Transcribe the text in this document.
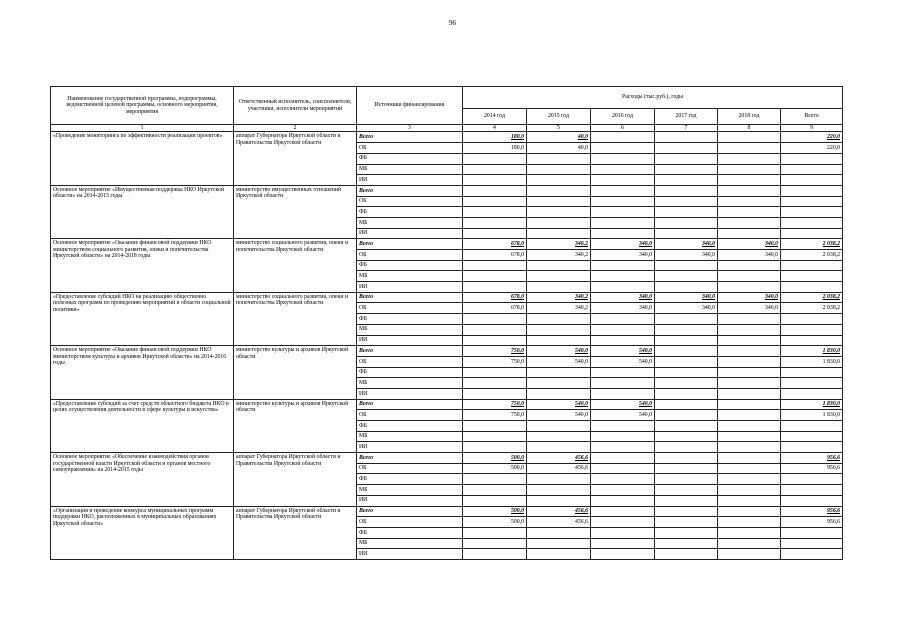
96
Наименование государственной программы, подпрограммы, ведомственной целевой программы, основного мероприятия, мероприятия	Ответственный исполнитель, соисполнители, участники, исполнители мероприятий	Источники финансирования	Расходы (тыс.руб.), годы					
			2014 год	2015 год	2016 год	2017 год	2018 год	Всего
1	2	3	4	5	6	7	8	9
«Проведение мониторинга по эффективности реализации проектов»	аппарат Губернатора Иркутской области и Правительства Иркутской области	Всего	180,0	40,0				220,0
		ОБ	180,0	40,0				220,0
		ФБ						
		МБ						
		ИИ						
Основное мероприятие «Имущественная поддержка НКО Иркутской области» на 2014-2015 годы	министерство имущественных отношений Иркутской области	Всего						
		ОБ						
		ФБ						
		МБ						
		ИИ						
Основное мероприятие «Оказание финансовой поддержки НКО министерством социального развития, опеки и попечительства Иркутской области» на 2014-2018 годы	министерство социального развития, опеки и попечительства Иркутской области	Всего	678,0	340,2	340,0	340,0	340,0	2 038,2
		ОБ	678,0	340,2	340,0	340,0	340,0	2 038,2
		ФБ						
		МБ						
		ИИ						
«Предоставление субсидий НКО на реализацию общественно полезных программ по проведению мероприятий в области социальной политики»	министерство социального развития, опеки и попечительства Иркутской области	Всего	678,0	340,2	340,0	340,0	340,0	2 038,2
		ОБ	678,0	340,2	340,0	340,0	340,0	2 038,2
		ФБ						
		МБ						
		ИИ						
Основное мероприятие «Оказание финансовой поддержки НКО министерством культуры и архивов Иркутской области» на 2014-2016 годы	министерство культуры и архивов Иркутской области	Всего	750,0	540,0	540,0			1 830,0
		ОБ	750,0	540,0	540,0			1 830,0
		ФБ						
		МБ						
		ИИ						
«Предоставление субсидий за счет средств областного бюджета НКО в целях осуществления деятельности в сфере культуры и искусства»	министерство культуры и архивов Иркутской области	Всего	750,0	540,0	540,0			1 830,0
		ОБ	750,0	540,0	540,0			1 830,0
		ФБ						
		МБ						
		ИИ						
Основное мероприятие «Обеспечение взаимодействия органов государственной власти Иркутской области и органов местного самоуправления» на 2014-2015 годы	аппарат Губернатора Иркутской области и Правительства Иркутской области	Всего	500,0	456,6				956,6
		ОБ	500,0	456,6				956,6
		ФБ						
		МБ						
		ИИ						
«Организация и проведение конкурса муниципальных программ поддержки НКО, расположенных в муниципальных образованиях Иркутской области»	аппарат Губернатора Иркутской области и Правительства Иркутской области	Всего	500,0	456,6				956,6
		ОБ	500,0	456,6				956,6
		ФБ						
		МБ						
		ИИ						
